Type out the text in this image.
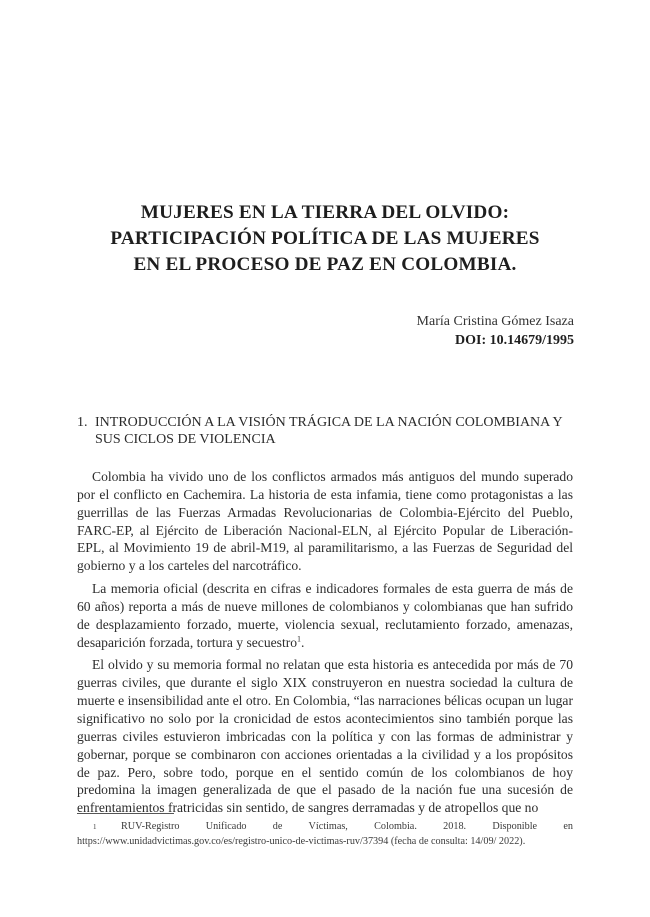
MUJERES EN LA TIERRA DEL OLVIDO:
PARTICIPACIÓN POLÍTICA DE LAS MUJERES
EN EL PROCESO DE PAZ EN COLOMBIA.
María Cristina Gómez Isaza
DOI: 10.14679/1995
1. INTRODUCCIÓN A LA VISIÓN TRÁGICA DE LA NACIÓN COLOMBIANA Y SUS CICLOS DE VIOLENCIA

Colombia ha vivido uno de los conflictos armados más antiguos del mundo superado por el conflicto en Cachemira. La historia de esta infamia, tiene como protagonistas a las guerrillas de las Fuerzas Armadas Revolucionarias de Colombia-Ejército del Pueblo, FARC-EP, al Ejército de Liberación Nacional-ELN, al Ejército Popular de Liberación-EPL, al Movimiento 19 de abril-M19, al paramilitarismo, a las Fuerzas de Seguridad del gobierno y a los carteles del narcotráfico.

La memoria oficial (descrita en cifras e indicadores formales de esta guerra de más de 60 años) reporta a más de nueve millones de colombianos y colombianas que han sufrido de desplazamiento forzado, muerte, violencia sexual, reclutamiento forzado, amenazas, desaparición forzada, tortura y secuestro$^1$.

El olvido y su memoria formal no relatan que esta historia es antecedida por más de 70 guerras civiles, que durante el siglo XIX construyeron en nuestra sociedad la cultura de muerte e insensibilidad ante el otro. En Colombia, “las narraciones bélicas ocupan un lugar significativo no solo por la cronicidad de estos acontecimientos sino también porque las guerras civiles estuvieron imbricadas con la política y con las formas de administrar y gobernar, porque se combinaron con acciones orientadas a la civilidad y a los propósitos de paz. Pero, sobre todo, porque en el sentido común de los colombianos de hoy predomina la imagen generalizada de que el pasado de la nación fue una sucesión de enfrentamientos fratricidas sin sentido, de sangres derramadas y de atropellos que no

1 RUV-Registro Unificado de Víctimas, Colombia. 2018. Disponible en https://www.unidadvictimas.gov.co/es/registro-unico-de-victimas-ruv/37394 (fecha de consulta: 14/09/ 2022).
